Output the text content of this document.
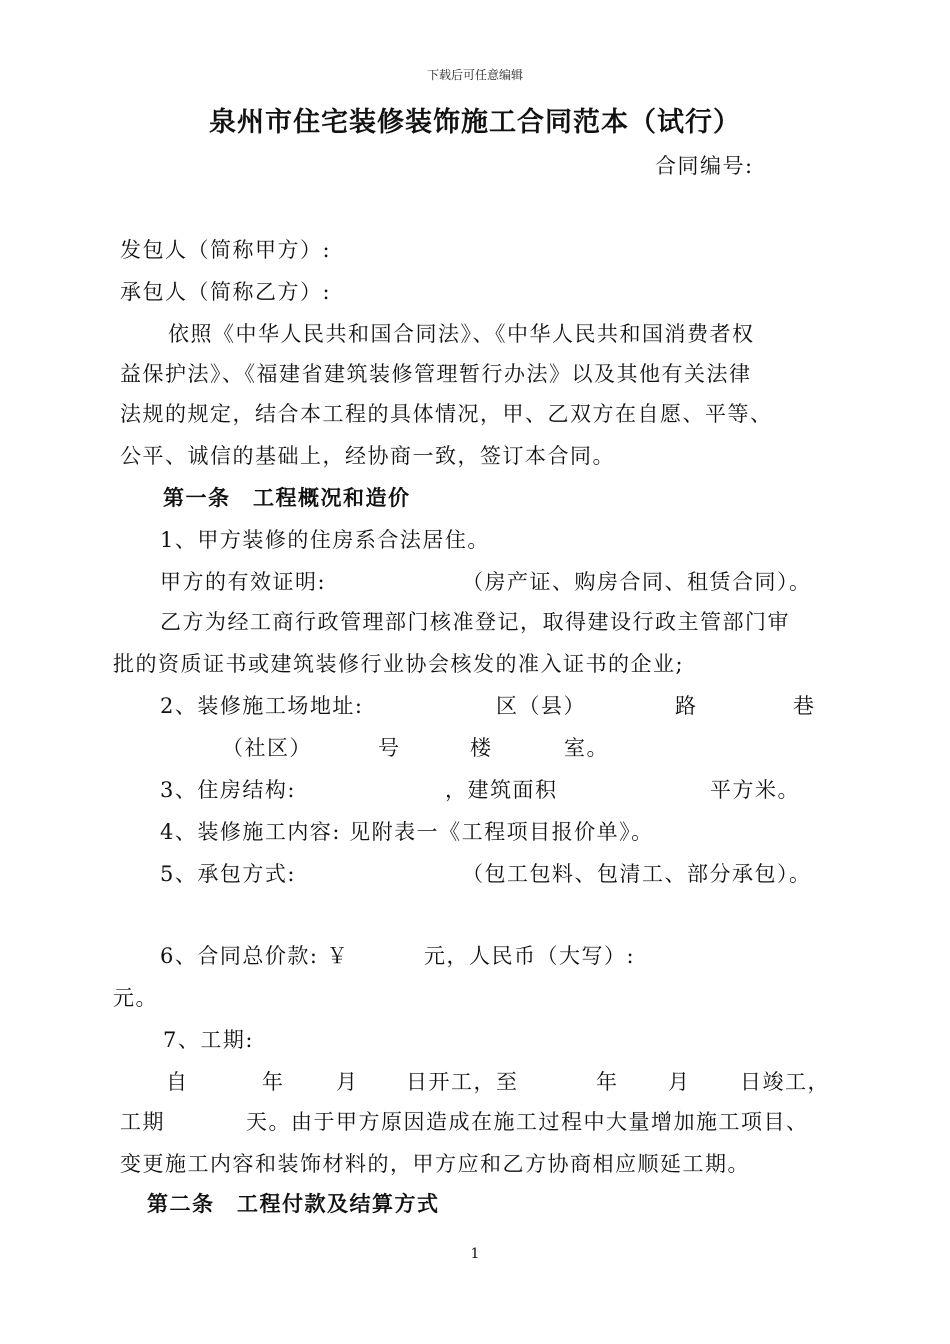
下载后可任意编辑
泉州市住宅装修装饰施工合同范本（试行）
合同编号:
发包人（简称甲方）:
承包人（简称乙方）:
依照《中华人民共和国合同法》、《中华人民共和国消费者权
益保护法》、《福建省建筑装修管理暂行办法》以及其他有关法律
法规的规定，结合本工程的具体情况，甲、乙双方在自愿、平等、
公平、诚信的基础上，经协商一致，签订本合同。
第一条　工程概况和造价
1、甲方装修的住房系合法居住。
甲方的有效证明:	（房产证、购房合同、租赁合同）。
乙方为经工商行政管理部门核准登记，取得建设行政主管部门审
批的资质证书或建筑装修行业协会核发的准入证书的企业;
2、装修施工场地址:	区（县）	路	巷
（社区）	号	楼	室。
3、住房结构:	，建筑面积	平方米。
4、装修施工内容: 见附表一《工程项目报价单》。
5、承包方式:	（包工包料、包清工、部分承包）。
6、合同总价款: ￥	元，人民币（大写）:
元。
7、工期:
自	年 月 日开工，至	年 月 日竣工，
工期	天。由于甲方原因造成在施工过程中大量增加施工项目、
变更施工内容和装饰材料的，甲方应和乙方协商相应顺延工期。
第二条　工程付款及结算方式
1
